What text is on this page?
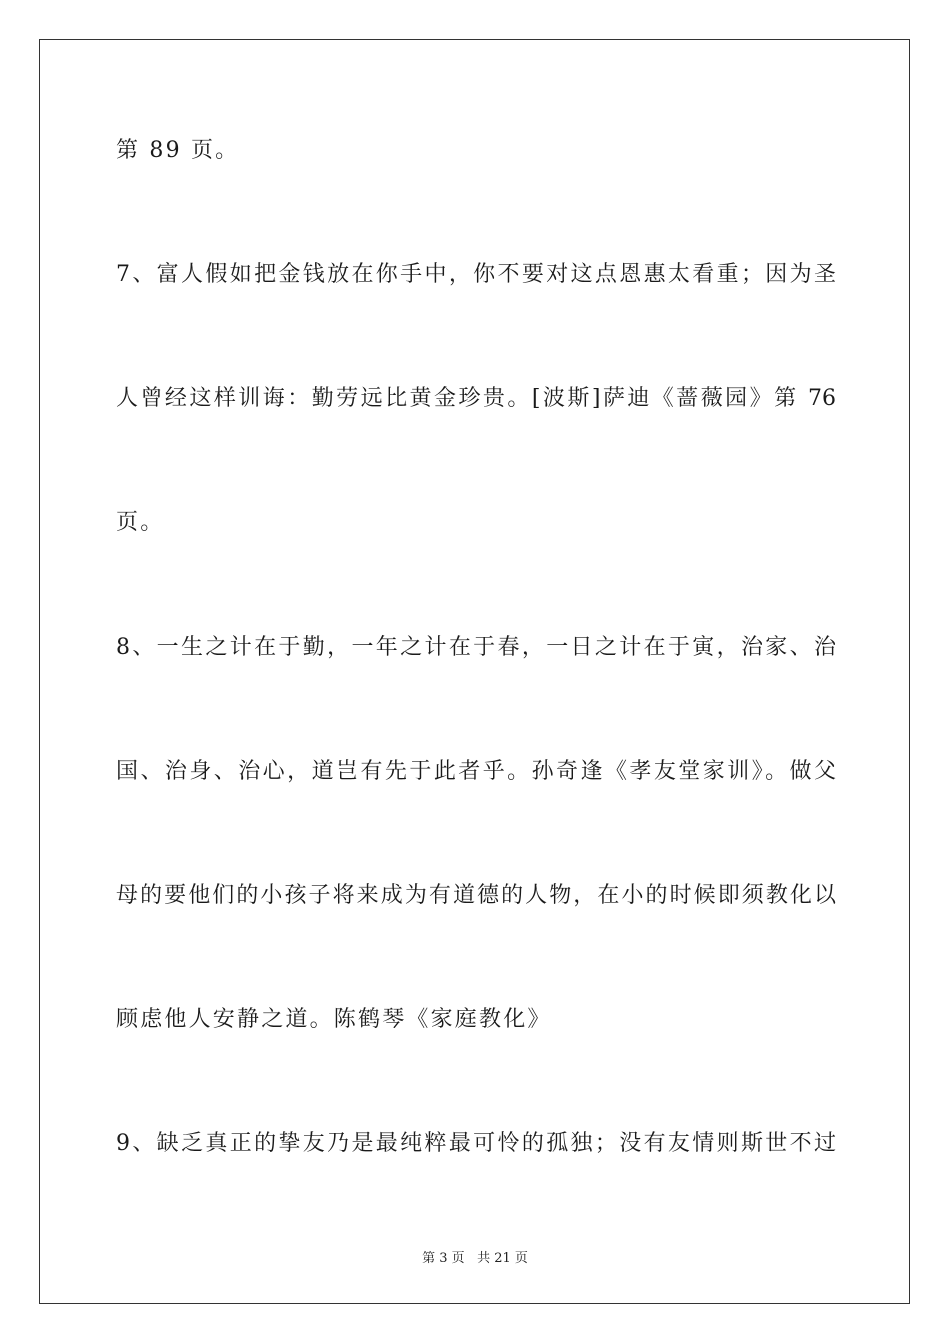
第 89 页。
7、富人假如把金钱放在你手中，你不要对这点恩惠太看重；因为圣
人曾经这样训诲：勤劳远比黄金珍贵。[波斯]萨迪《蔷薇园》第 76
页。
8、一生之计在于勤，一年之计在于春，一日之计在于寅，治家、治
国、治身、治心，道岂有先于此者乎。孙奇逢《孝友堂家训》。做父
母的要他们的小孩子将来成为有道德的人物，在小的时候即须教化以
顾虑他人安静之道。陈鹤琴《家庭教化》
9、缺乏真正的挚友乃是最纯粹最可怜的孤独；没有友情则斯世不过
第 3 页 共 21 页
